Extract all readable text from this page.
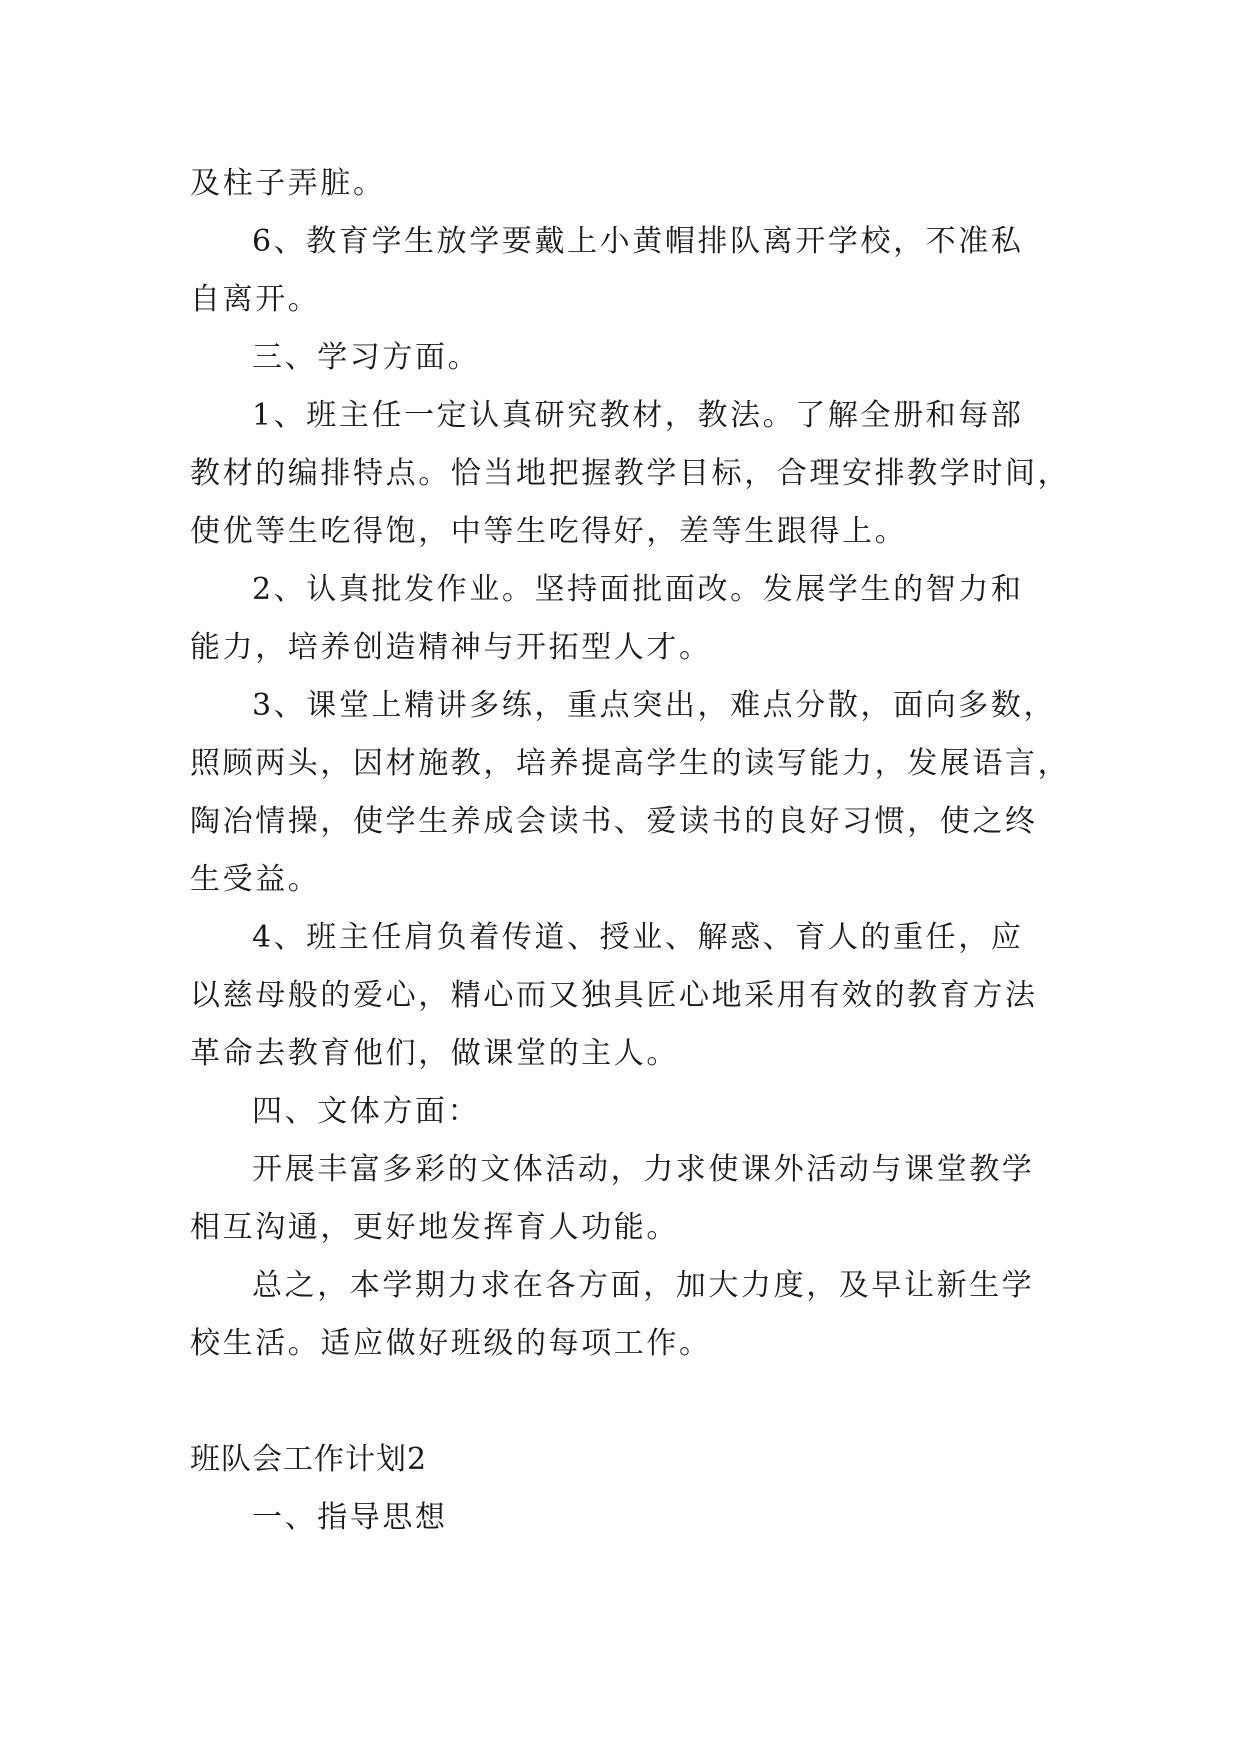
及柱子弄脏。
6、教育学生放学要戴上小黄帽排队离开学校，不准私
自离开。
三、学习方面。
1、班主任一定认真研究教材，教法。了解全册和每部
教材的编排特点。恰当地把握教学目标，合理安排教学时间，
使优等生吃得饱，中等生吃得好，差等生跟得上。
2、认真批发作业。坚持面批面改。发展学生的智力和
能力，培养创造精神与开拓型人才。
3、课堂上精讲多练，重点突出，难点分散，面向多数，
照顾两头，因材施教，培养提高学生的读写能力，发展语言，
陶冶情操，使学生养成会读书、爱读书的良好习惯，使之终
生受益。
4、班主任肩负着传道、授业、解惑、育人的重任，应
以慈母般的爱心，精心而又独具匠心地采用有效的教育方法
革命去教育他们，做课堂的主人。
四、文体方面：
开展丰富多彩的文体活动，力求使课外活动与课堂教学
相互沟通，更好地发挥育人功能。
总之，本学期力求在各方面，加大力度，及早让新生学
校生活。适应做好班级的每项工作。
班队会工作计划2
一、指导思想
